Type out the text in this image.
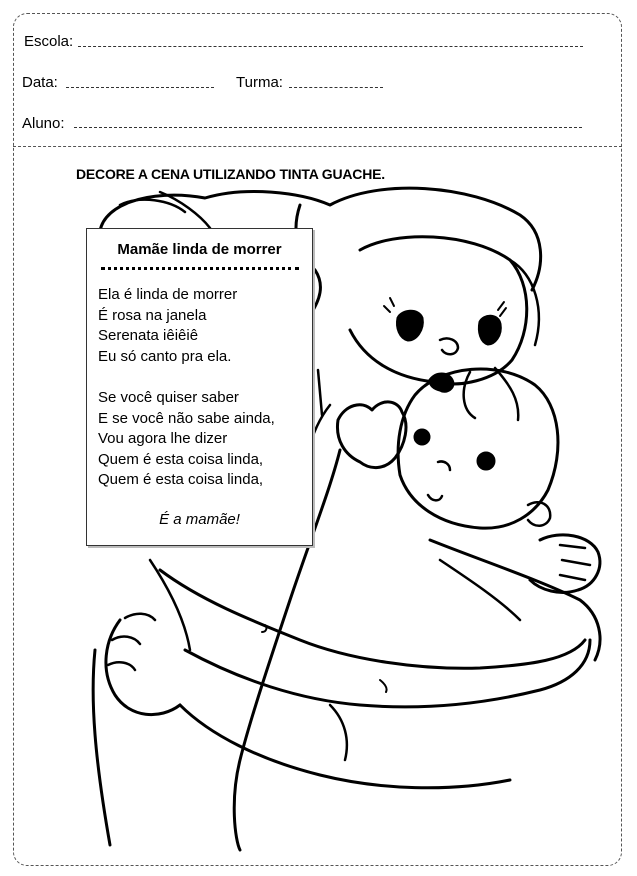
Escola:
Data:	Turma:
Aluno:
DECORE A CENA UTILIZANDO TINTA GUACHE.
Mamãe linda de morrer
Ela é linda de morrer
É rosa na janela
Serenata iêiêiê
Eu só canto pra ela.
Se você quiser saber
E se você não sabe ainda,
Vou agora lhe dizer
Quem é esta coisa linda,
Quem é esta coisa linda,
É a mamãe!
